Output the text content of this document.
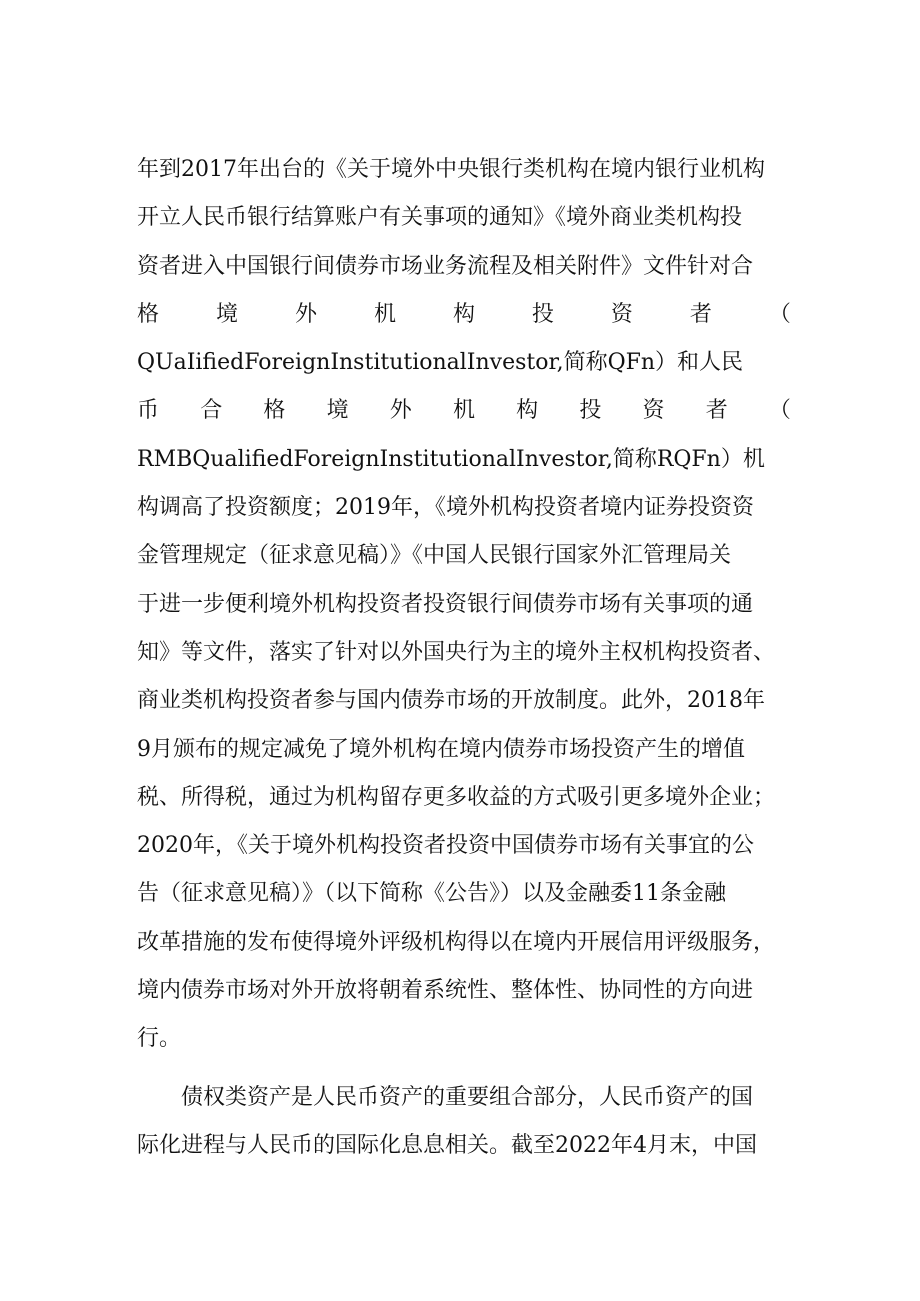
年到2017年出台的《关于境外中央银行类机构在境内银行业机构
开立人民币银行结算账户有关事项的通知》《境外商业类机构投
资者进入中国银行间债券市场业务流程及相关附件》文件针对合
格	境	外	机	构	投	资	者	（
QUaIifiedForeignInstitutionalInvestor,简称QFn）和人民
币 合 格 境 外 机 构 投 资 者 （
RMBQualifiedForeignInstitutionalInvestor,简称RQFn）机
构调高了投资额度；2019年，《境外机构投资者境内证券投资资
金管理规定（征求意见稿）》《中国人民银行国家外汇管理局关
于进一步便利境外机构投资者投资银行间债券市场有关事项的通
知》等文件，落实了针对以外国央行为主的境外主权机构投资者、
商业类机构投资者参与国内债券市场的开放制度。此外，2018年
9月颁布的规定减免了境外机构在境内债券市场投资产生的增值
税、所得税，通过为机构留存更多收益的方式吸引更多境外企业；
2020年，《关于境外机构投资者投资中国债券市场有关事宜的公
告（征求意见稿）》（以下简称《公告》）以及金融委11条金融
改革措施的发布使得境外评级机构得以在境内开展信用评级服务，
境内债券市场对外开放将朝着系统性、整体性、协同性的方向进
行。
债权类资产是人民币资产的重要组合部分，人民币资产的国
际化进程与人民币的国际化息息相关。截至2022年4月末，中国
